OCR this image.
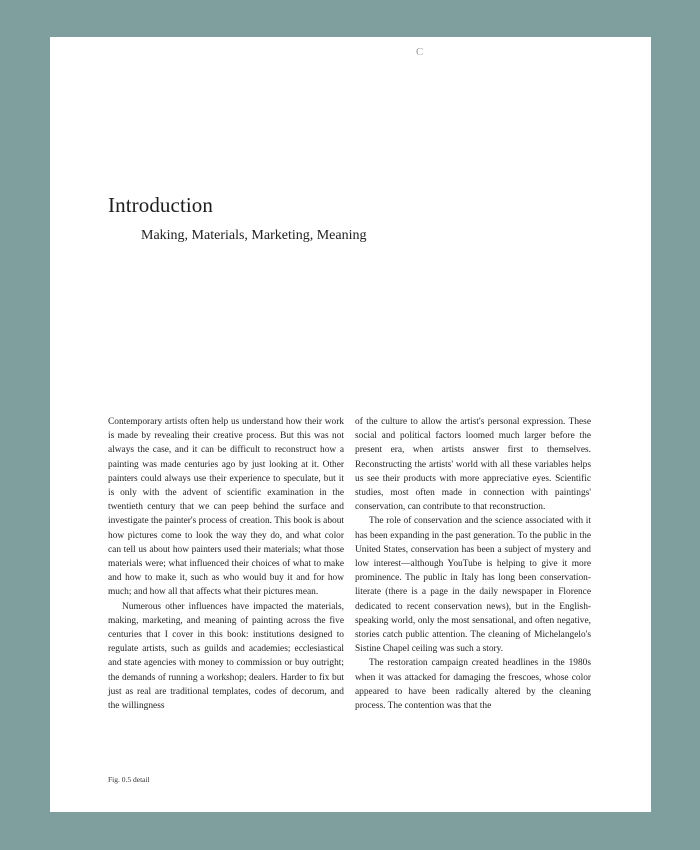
C
Introduction
Making, Materials, Marketing, Meaning

Contemporary artists often help us understand how their work is made by revealing their creative process. But this was not always the case, and it can be difficult to reconstruct how a painting was made centuries ago by just looking at it. Other painters could always use their experience to speculate, but it is only with the advent of scientific examination in the twentieth century that we can peep behind the surface and investigate the painter's process of creation. This book is about how pictures come to look the way they do, and what color can tell us about how painters used their materials; what those materials were; what influenced their choices of what to make and how to make it, such as who would buy it and for how much; and how all that affects what their pictures mean.

Numerous other influences have impacted the materials, making, marketing, and meaning of painting across the five centuries that I cover in this book: institutions designed to regulate artists, such as guilds and academies; ecclesiastical and state agencies with money to commission or buy outright; the demands of running a workshop; dealers. Harder to fix but just as real are traditional templates, codes of decorum, and the willingness

of the culture to allow the artist's personal expression. These social and political factors loomed much larger before the present era, when artists answer first to themselves. Reconstructing the artists' world with all these variables helps us see their products with more appreciative eyes. Scientific studies, most often made in connection with paintings' conservation, can contribute to that reconstruction.

The role of conservation and the science associated with it has been expanding in the past generation. To the public in the United States, conservation has been a subject of mystery and low interest—although YouTube is helping to give it more prominence. The public in Italy has long been conservation-literate (there is a page in the daily newspaper in Florence dedicated to recent conservation news), but in the English-speaking world, only the most sensational, and often negative, stories catch public attention. The cleaning of Michelangelo's Sistine Chapel ceiling was such a story.

The restoration campaign created headlines in the 1980s when it was attacked for damaging the frescoes, whose color appeared to have been radically altered by the cleaning process. The contention was that the

Fig. 0.5 detail
